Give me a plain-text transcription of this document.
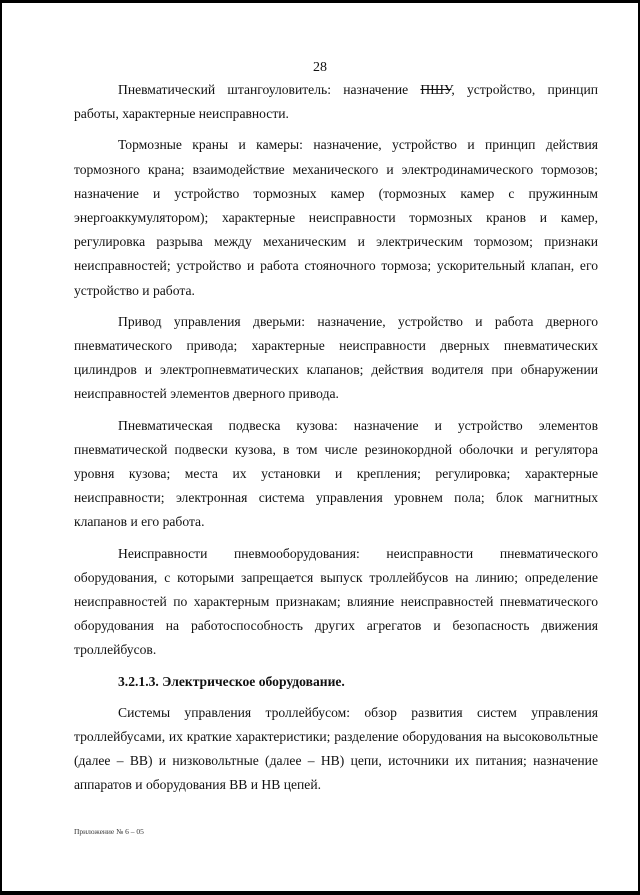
28

Пневматический штангоуловитель: назначение ПШУ, устройство, принцип работы, характерные неисправности.

Тормозные краны и камеры: назначение, устройство и принцип действия тормозного крана; взаимодействие механического и электродинамического тормозов; назначение и устройство тормозных камер (тормозных камер с пружинным энергоаккумулятором); характерные неисправности тормозных кранов и камер, регулировка разрыва между механическим и электрическим тормозом; признаки неисправностей; устройство и работа стояночного тормоза; ускорительный клапан, его устройство и работа.

Привод управления дверьми: назначение, устройство и работа дверного пневматического привода; характерные неисправности дверных пневматических цилиндров и электропневматических клапанов; действия водителя при обнаружении неисправностей элементов дверного привода.

Пневматическая подвеска кузова: назначение и устройство элементов пневматической подвески кузова, в том числе резинокордной оболочки и регулятора уровня кузова; места их установки и крепления; регулировка; характерные неисправности; электронная система управления уровнем пола; блок магнитных клапанов и его работа.

Неисправности пневмооборудования: неисправности пневматического оборудования, с которыми запрещается выпуск троллейбусов на линию; определение неисправностей по характерным признакам; влияние неисправностей пневматического оборудования на работоспособность других агрегатов и безопасность движения троллейбусов.

3.2.1.3. Электрическое оборудование.

Системы управления троллейбусом: обзор развития систем управления троллейбусами, их краткие характеристики; разделение оборудования на высоковольтные (далее – ВВ) и низковольтные (далее – НВ) цепи, источники их питания; назначение аппаратов и оборудования ВВ и НВ цепей.

Приложение № 6 – 05
